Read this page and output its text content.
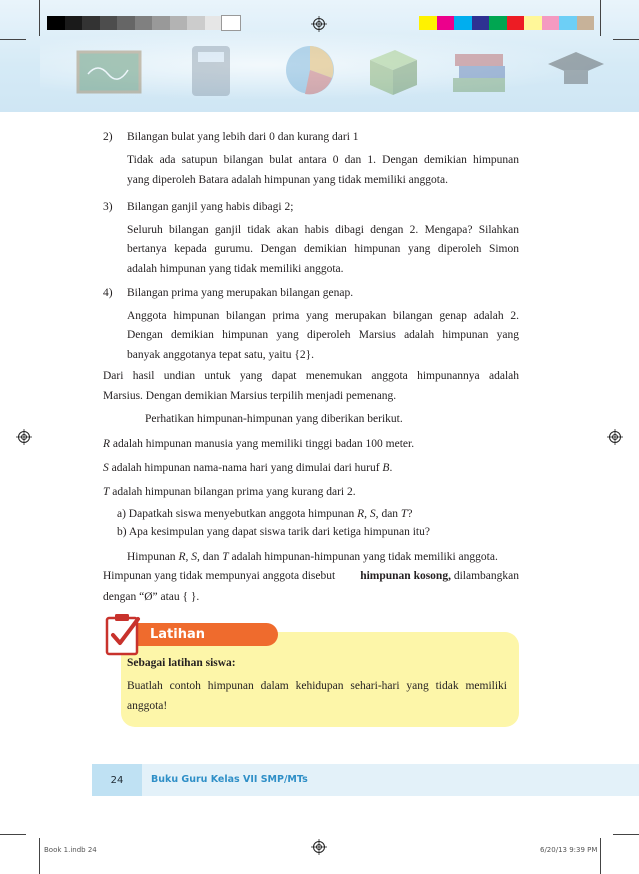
2) Bilangan bulat yang lebih dari 0 dan kurang dari 1
Tidak ada satupun bilangan bulat antara 0 dan 1. Dengan demikian himpunan
yang diperoleh Batara adalah himpunan yang tidak memiliki anggota.
3) Bilangan ganjil yang habis dibagi 2;
Seluruh bilangan ganjil tidak akan habis dibagi dengan 2. Mengapa? Silahkan
bertanya kepada gurumu. Dengan demikian himpunan yang diperoleh Simon
adalah himpunan yang tidak memiliki anggota.
4) Bilangan prima yang merupakan bilangan genap.
Anggota himpunan bilangan prima yang merupakan bilangan genap adalah 2.
Dengan demikian himpunan yang diperoleh Marsius adalah himpunan yang
banyak anggotanya tepat satu, yaitu {2}.
Dari hasil undian untuk yang dapat menemukan anggota himpunannya adalah
Marsius. Dengan demikian Marsius terpilih menjadi pemenang.
Perhatikan himpunan-himpunan yang diberikan berikut.
R adalah himpunan manusia yang memiliki tinggi badan 100 meter.
S adalah himpunan nama-nama hari yang dimulai dari huruf B.
T adalah himpunan bilangan prima yang kurang dari 2.
a) Dapatkah siswa menyebutkan anggota himpunan R, S, dan T?
b) Apa kesimpulan yang dapat siswa tarik dari ketiga himpunan itu?
Himpunan R, S, dan T adalah himpunan-himpunan yang tidak memiliki anggota.
Himpunan yang tidak mempunyai anggota disebut himpunan kosong, dilambangkan
dengan “Ø” atau { }.
Latihan
Sebagai latihan siswa:
Buatlah contoh himpunan dalam kehidupan sehari-hari yang tidak memiliki
anggota!
24	Buku Guru Kelas VII SMP/MTs
Book 1.indb 24	6/20/13 9:39 PM
